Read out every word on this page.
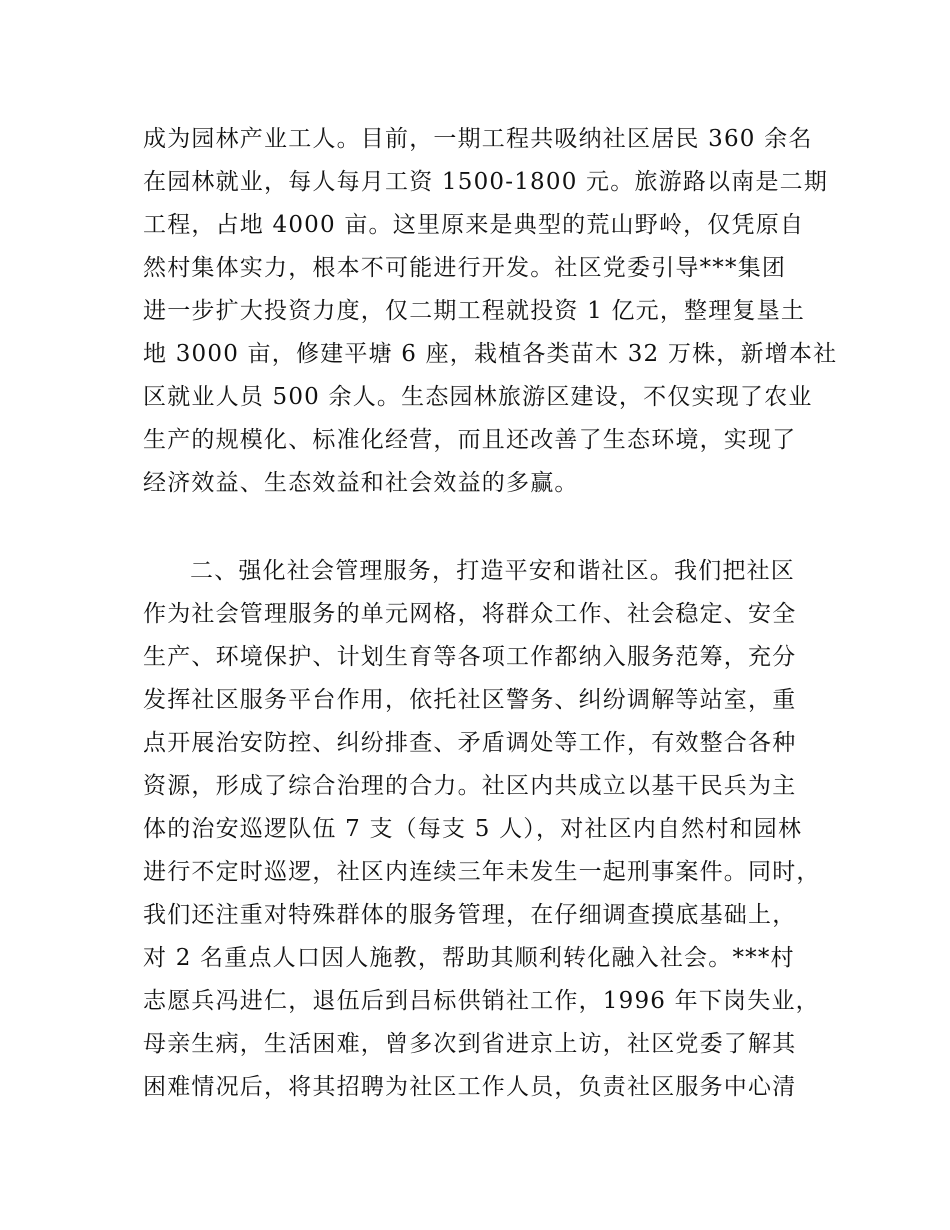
成为园林产业工人。目前，一期工程共吸纳社区居民 360 余名
在园林就业，每人每月工资 1500-1800 元。旅游路以南是二期
工程，占地 4000 亩。这里原来是典型的荒山野岭，仅凭原自
然村集体实力，根本不可能进行开发。社区党委引导***集团
进一步扩大投资力度，仅二期工程就投资 1 亿元，整理复垦土
地 3000 亩，修建平塘 6 座，栽植各类苗木 32 万株，新增本社
区就业人员 500 余人。生态园林旅游区建设，不仅实现了农业
生产的规模化、标准化经营，而且还改善了生态环境，实现了
经济效益、生态效益和社会效益的多赢。
二、强化社会管理服务，打造平安和谐社区。我们把社区
作为社会管理服务的单元网格，将群众工作、社会稳定、安全
生产、环境保护、计划生育等各项工作都纳入服务范筹，充分
发挥社区服务平台作用，依托社区警务、纠纷调解等站室，重
点开展治安防控、纠纷排查、矛盾调处等工作，有效整合各种
资源，形成了综合治理的合力。社区内共成立以基干民兵为主
体的治安巡逻队伍 7 支（每支 5 人），对社区内自然村和园林
进行不定时巡逻，社区内连续三年未发生一起刑事案件。同时，
我们还注重对特殊群体的服务管理，在仔细调查摸底基础上，
对 2 名重点人口因人施教，帮助其顺利转化融入社会。***村
志愿兵冯进仁，退伍后到吕标供销社工作，1996 年下岗失业，
母亲生病，生活困难，曾多次到省进京上访，社区党委了解其
困难情况后，将其招聘为社区工作人员，负责社区服务中心清
